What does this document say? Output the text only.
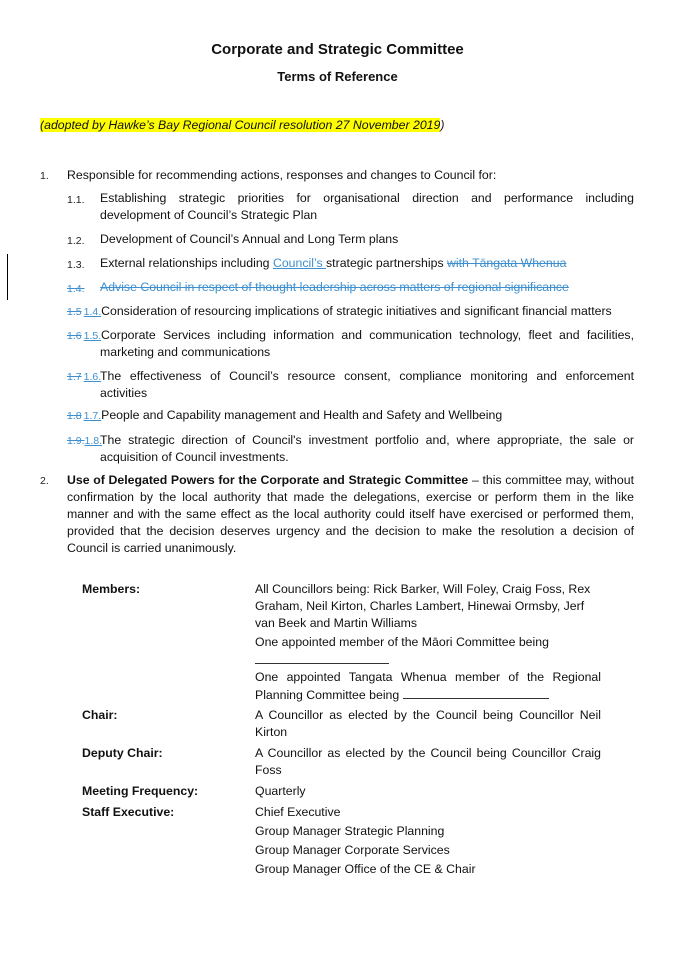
Corporate and Strategic Committee
Terms of Reference
(adopted by Hawke’s Bay Regional Council resolution 27 November 2019)
1. Responsible for recommending actions, responses and changes to Council for:
1.1. Establishing strategic priorities for organisational direction and performance including development of Council’s Strategic Plan
1.2. Development of Council’s Annual and Long Term plans
1.3. External relationships including Council’s strategic partnerships with Tāngata Whenua
1.4. Advise Council in respect of thought leadership across matters of regional significance
1.5 1.4.Consideration of resourcing implications of strategic initiatives and significant financial matters
1.6 1.5. Corporate Services including information and communication technology, fleet and facilities, marketing and communications
1.7 1.6.
The effectiveness of Council’s resource consent, compliance monitoring and enforcement activities
1.8 1.7.People and Capability management and Health and Safety and Wellbeing
1.9.1.8.
The strategic direction of Council's investment portfolio and, where appropriate, the sale or acquisition of Council investments.
2. Use of Delegated Powers for the Corporate and Strategic Committee – this committee may, without confirmation by the local authority that made the delegations, exercise or perform them in the like manner and with the same effect as the local authority could itself have exercised or performed them, provided that the decision deserves urgency and the decision to make the resolution a decision of Council is carried unanimously.
Members:	All Councillors being: Rick Barker, Will Foley, Craig Foss, Rex Graham, Neil Kirton, Charles Lambert, Hinewai Ormsby, Jerf van Beek and Martin Williams
One appointed member of the Māori Committee being

One appointed Tangata Whenua member of the Regional Planning Committee being
Chair:	A Councillor as elected by the Council being Councillor Neil Kirton
Deputy Chair:	A Councillor as elected by the Council being Councillor Craig Foss
Meeting Frequency:	Quarterly
Staff Executive:	Chief Executive
Group Manager Strategic Planning
Group Manager Corporate Services
Group Manager Office of the CE & Chair
